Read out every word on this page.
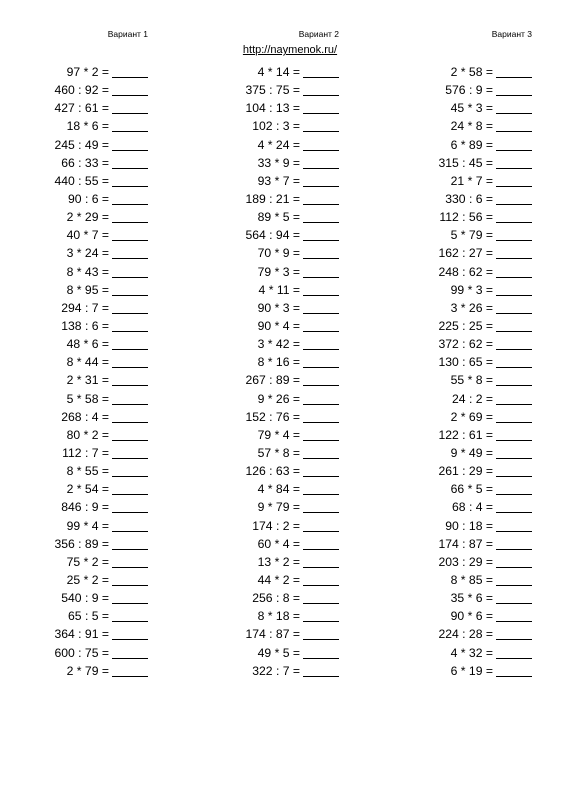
Вариант 1	Вариант 2	Вариант 3
http://naymenok.ru/
97 * 2 =
460 : 92 =
427 : 61 =
18 * 6 =
245 : 49 =
66 : 33 =
440 : 55 =
90 : 6 =
2 * 29 =
40 * 7 =
3 * 24 =
8 * 43 =
8 * 95 =
294 : 7 =
138 : 6 =
48 * 6 =
8 * 44 =
2 * 31 =
5 * 58 =
268 : 4 =
80 * 2 =
112 : 7 =
8 * 55 =
2 * 54 =
846 : 9 =
99 * 4 =
356 : 89 =
75 * 2 =
25 * 2 =
540 : 9 =
65 : 5 =
364 : 91 =
600 : 75 =
2 * 79 =
4 * 14 =
375 : 75 =
104 : 13 =
102 : 3 =
4 * 24 =
33 * 9 =
93 * 7 =
189 : 21 =
89 * 5 =
564 : 94 =
70 * 9 =
79 * 3 =
4 * 11 =
90 * 3 =
90 * 4 =
3 * 42 =
8 * 16 =
267 : 89 =
9 * 26 =
152 : 76 =
79 * 4 =
57 * 8 =
126 : 63 =
4 * 84 =
9 * 79 =
174 : 2 =
60 * 4 =
13 * 2 =
44 * 2 =
256 : 8 =
8 * 18 =
174 : 87 =
49 * 5 =
322 : 7 =
2 * 58 =
576 : 9 =
45 * 3 =
24 * 8 =
6 * 89 =
315 : 45 =
21 * 7 =
330 : 6 =
112 : 56 =
5 * 79 =
162 : 27 =
248 : 62 =
99 * 3 =
3 * 26 =
225 : 25 =
372 : 62 =
130 : 65 =
55 * 8 =
24 : 2 =
2 * 69 =
122 : 61 =
9 * 49 =
261 : 29 =
66 * 5 =
68 : 4 =
90 : 18 =
174 : 87 =
203 : 29 =
8 * 85 =
35 * 6 =
90 * 6 =
224 : 28 =
4 * 32 =
6 * 19 =
